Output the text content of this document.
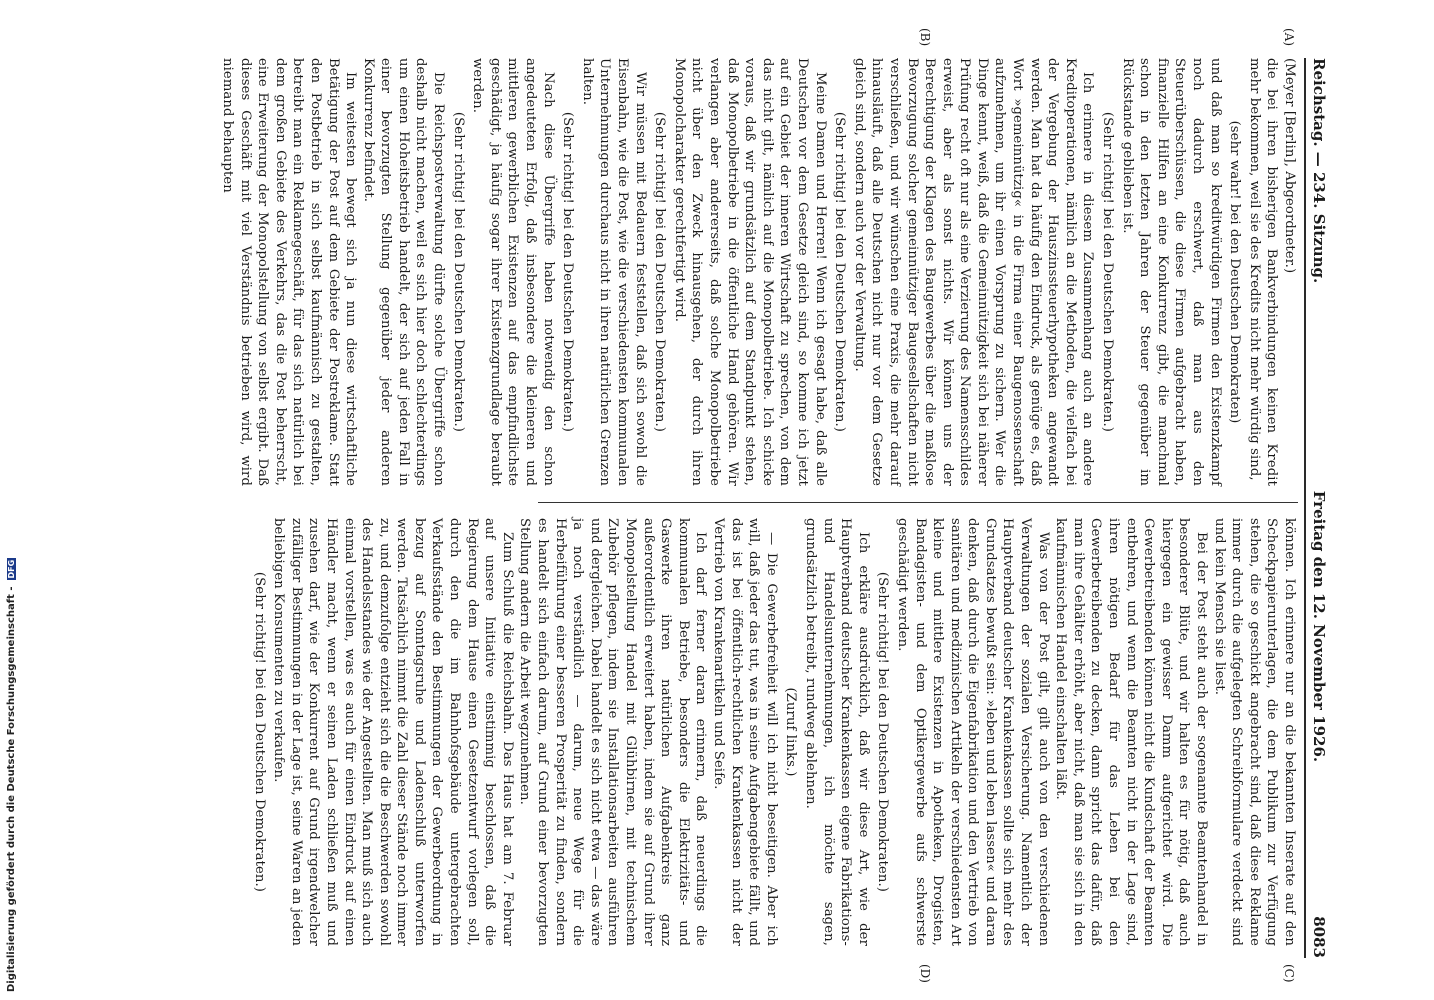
Reichstag. — 234. Sitzung.
Freitag den 12. November 1926.
8083
(A)
(B)
(C)
(D)

(Meyer [Berlin], Abgeordneter.)

die bei ihren bisherigen Bankverbindungen keinen Kredit mehr bekommen, weil sie des Kredits nicht mehr würdig sind,

(sehr wahr! bei den Deutschen Demokraten)

und daß man so kreditwürdigen Firmen den Existenzkampf noch dadurch erschwert, daß man aus den Steuerüberschüssen, die diese Firmen aufgebracht haben, finanzielle Hilfen an eine Konkurrenz gibt, die manchmal schon in den letzten Jahren der Steuer gegenüber im Rückstande geblieben ist.

(Sehr richtig! bei den Deutschen Demokraten.)

Ich erinnere in diesem Zusammenhang auch an andere Kreditoperationen, nämlich an die Methoden, die vielfach bei der Vergebung der Hauszinssteuerhypotheken angewandt werden. Man hat da häufig den Eindruck, als genüge es, daß Wort »gemeinnützig« in die Firma einer Baugenossenschaft aufzunehmen, um ihr einen Vorsprung zu sichern. Wer die Dinge kennt, weiß, daß die Gemeinnützigkeit sich bei näherer Prüfung recht oft nur als eine Verzierung des Namensschildes erweist, aber als sonst nichts. Wir können uns der Berechtigung der Klagen des Baugewerbes über die maßlose Bevorzugung solcher gemeinnütziger Baugesellschaften nicht verschließen, und wir wünschen eine Praxis, die mehr darauf hinausläuft, daß alle Deutschen nicht nur vor dem Gesetze gleich sind, sondern auch vor der Verwaltung.

(Sehr richtig! bei den Deutschen Demokraten.)

Meine Damen und Herren! Wenn ich gesagt habe, daß alle Deutschen vor dem Gesetze gleich sind, so komme ich jetzt auf ein Gebiet der inneren Wirtschaft zu sprechen, von dem das nicht gilt, nämlich auf die Monopolbetriebe. Ich schicke voraus, daß wir grundsätzlich auf dem Standpunkt stehen, daß Monopolbetriebe in die öffentliche Hand gehören. Wir verlangen aber andererseits, daß solche Monopolbetriebe nicht über den Zweck hinausgehen, der durch ihren Monopolcharakter gerechtfertigt wird.

(Sehr richtig! bei den Deutschen Demokraten.)

Wir müssen mit Bedauern feststellen, daß sich sowohl die Eisenbahn, wie die Post, wie die verschiedensten kommunalen Unternehmungen durchaus nicht in ihren natürlichen Grenzen halten.

(Sehr richtig! bei den Deutschen Demokraten.)

Nach diese Übergriffe haben notwendig den schon angedeuteten Erfolg, daß insbesondere die kleineren und mittleren gewerblichen Existenzen auf das empfindlichste geschädigt, ja häufig sogar ihrer Existenzgrundlage beraubt werden.

(Sehr richtig! bei den Deutschen Demokraten.)

Die Reichspostverwaltung dürfte solche Übergriffe schon deshalb nicht machen, weil es sich hier doch schlechterdings um einen Hoheitsbetrieb handelt, der sich auf jeden Fall in einer bevorzugten Stellung gegenüber jeder anderen Konkurrenz befindet.

Im weitesten bewegt sich ja nun diese wirtschaftliche Betätigung der Post auf dem Gebiete der Postreklame. Statt den Postbetrieb in sich selbst kaufmännisch zu gestalten, betreibt man ein Reklamegeschäft, für das sich natürlich bei dem großen Gebiete des Verkehrs, das die Post beherrscht, eine Erweiterung der Monopolstellung von selbst ergibt. Daß dieses Geschäft mit viel Verständnis betrieben wird, wird niemand behaupten

können. Ich erinnere nur an die bekannten Inserate auf den Scheckpapierunterlagen, die dem Publikum zur Verfügung stehen, die so geschickt angebracht sind, daß diese Reklame immer durch die aufgelegten Schreibformulare verdeckt sind und kein Mensch sie liest.

Bei der Post steht auch der sogenannte Beamtenhandel in besonderer Blüte, und wir halten es für nötig, daß auch hiergegen ein gewisser Damm aufgerichtet wird. Die Gewerbetreibenden können nicht die Kundschaft der Beamten entbehren, und wenn die Beamten nicht in der Lage sind, ihren nötigen Bedarf für das Leben bei den Gewerbetreibenden zu decken, dann spricht das dafür, daß man ihre Gehälter erhöht, aber nicht, daß man sie sich in den kaufmännischen Handel einschalten läßt.

Was von der Post gilt, gilt auch von den verschiedenen Verwaltungen der sozialen Versicherung. Namentlich der Hauptverband deutscher Krankenkassen sollte sich mehr des Grundsatzes bewußt sein: »leben und leben lassen« und daran denken, daß durch die Eigenfabrikation und den Vertrieb von sanitären und medizinischen Artikeln der verschiedensten Art kleine und mittlere Existenzen in Apotheken, Drogisten, Bandagisten- und dem Optikergewerbe aufs schwerste geschädigt werden.

(Sehr richtig! bei den Deutschen Demokraten.)

Ich erkläre ausdrücklich, daß wir diese Art, wie der Hauptverband deutscher Krankenkassen eigene Fabrikations- und Handelsunternehmungen, ich möchte sagen, grundsätzlich betreibt, rundweg ablehnen.

(Zuruf links.)

— Die Gewerbefreiheit will ich nicht beseitigen. Aber ich will, daß jeder das tut, was in seine Aufgabengebiete fällt, und das ist bei öffentlich-rechtlichen Krankenkassen nicht der Vertrieb von Krankenartikeln und Seife.

Ich darf ferner daran erinnern, daß neuerdings die kommunalen Betriebe, besonders die Elektrizitäts- und Gaswerke ihren natürlichen Aufgabenkreis ganz außerordentlich erweitert haben, indem sie auf Grund ihrer Monopolstellung Handel mit Glühbirnen, mit technischem Zubehör pflegen, indem sie Installationsarbeiten ausführen und dergleichen. Dabei handelt es sich nicht etwa — das wäre ja noch verständlich — darum, neue Wege für die Herbeiführung einer besseren Prosperität zu finden, sondern es handelt sich einfach darum, auf Grund einer bevorzugten Stellung andern die Arbeit wegzunehmen.

Zum Schluß die Reichsbahn. Das Haus hat am 7. Februar auf unsere Initiative einstimmig beschlossen, daß die Regierung dem Hause einen Gesetzentwurf vorlegen soll, durch den die im Bahnhofsgebäude untergebrachten Verkaufsstände den Bestimmungen der Gewerbeordnung in bezug auf Sonntagsruhe und Ladenschluß unterworfen werden. Tatsächlich nimmt die Zahl dieser Stände noch immer zu, und demzufolge entzieht sich die die Beschwerden sowohl des Handelsstandes wie der Angestellten. Man muß sich auch einmal vorstellen, was es auch für einen Eindruck auf einen Händler macht, wenn er seinen Laden schließen muß und zusehen darf, wie der Konkurrent auf Grund irgendwelcher zufälliger Bestimmungen in der Lage ist, seine Waren an jeden beliebigen Konsumenten zu verkaufen.

(Sehr richtig! bei den Deutschen Demokraten.)

Digitalisierung gefördert durch die Deutsche Forschungsgemeinschaft -
DFG
